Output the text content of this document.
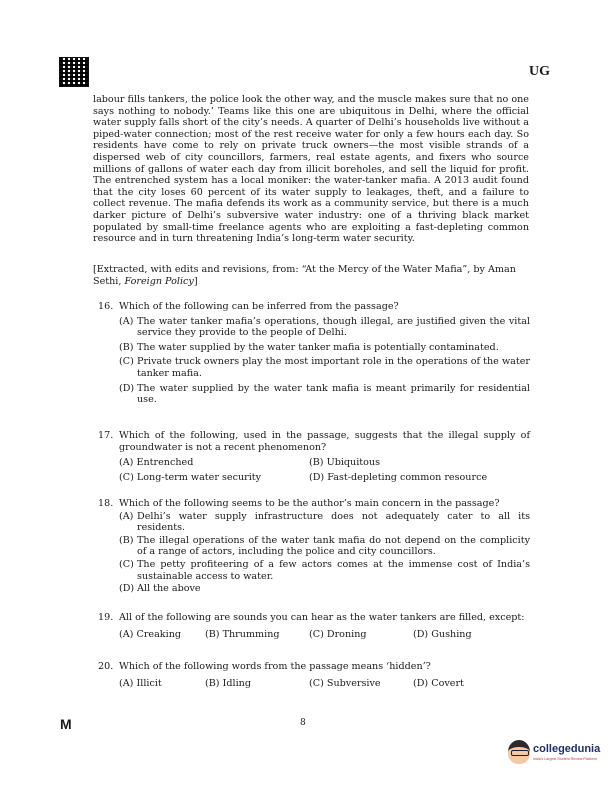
UG

labour fills tankers, the police look the other way, and the muscle makes sure that no one says nothing to nobody.’ Teams like this one are ubiquitous in Delhi, where the official water supply falls short of the city’s needs. A quarter of Delhi’s households live without a piped-water connection; most of the rest receive water for only a few hours each day. So residents have come to rely on private truck owners—the most visible strands of a dispersed web of city councillors, farmers, real estate agents, and fixers who source millions of gallons of water each day from illicit boreholes, and sell the liquid for profit. The entrenched system has a local moniker: the water-tanker mafia. A 2013 audit found that the city loses 60 percent of its water supply to leakages, theft, and a failure to collect revenue. The mafia defends its work as a community service, but there is a much darker picture of Delhi’s subversive water industry: one of a thriving black market populated by small-time freelance agents who are exploiting a fast-depleting common resource and in turn threatening India’s long-term water security.

[Extracted, with edits and revisions, from: “At the Mercy of the Water Mafia”, by Aman Sethi, Foreign Policy]

16. Which of the following can be inferred from the passage?

(A) The water tanker mafia’s operations, though illegal, are justified given the vital service they provide to the people of Delhi.

(B) The water supplied by the water tanker mafia is potentially contaminated.

(C) Private truck owners play the most important role in the operations of the water tanker mafia.

(D) The water supplied by the water tank mafia is meant primarily for residential use.

17. Which of the following, used in the passage, suggests that the illegal supply of groundwater is not a recent phenomenon?

(A) Entrenched	(B) Ubiquitous
(C) Long-term water security	(D) Fast-depleting common resource

18. Which of the following seems to be the author’s main concern in the passage?

(A) Delhi’s water supply infrastructure does not adequately cater to all its residents.

(B) The illegal operations of the water tank mafia do not depend on the complicity of a range of actors, including the police and city councillors.

(C) The petty profiteering of a few actors comes at the immense cost of India’s sustainable access to water.

(D) All the above

19. All of the following are sounds you can hear as the water tankers are filled, except:

(A) Creaking	(B) Thrumming	(C) Droning	(D) Gushing

20. Which of the following words from the passage means ‘hidden’?

(A) Illicit	(B) Idling	(C) Subversive	(D) Covert
M	8
collegedunia
India's Largest Student Review Platform
